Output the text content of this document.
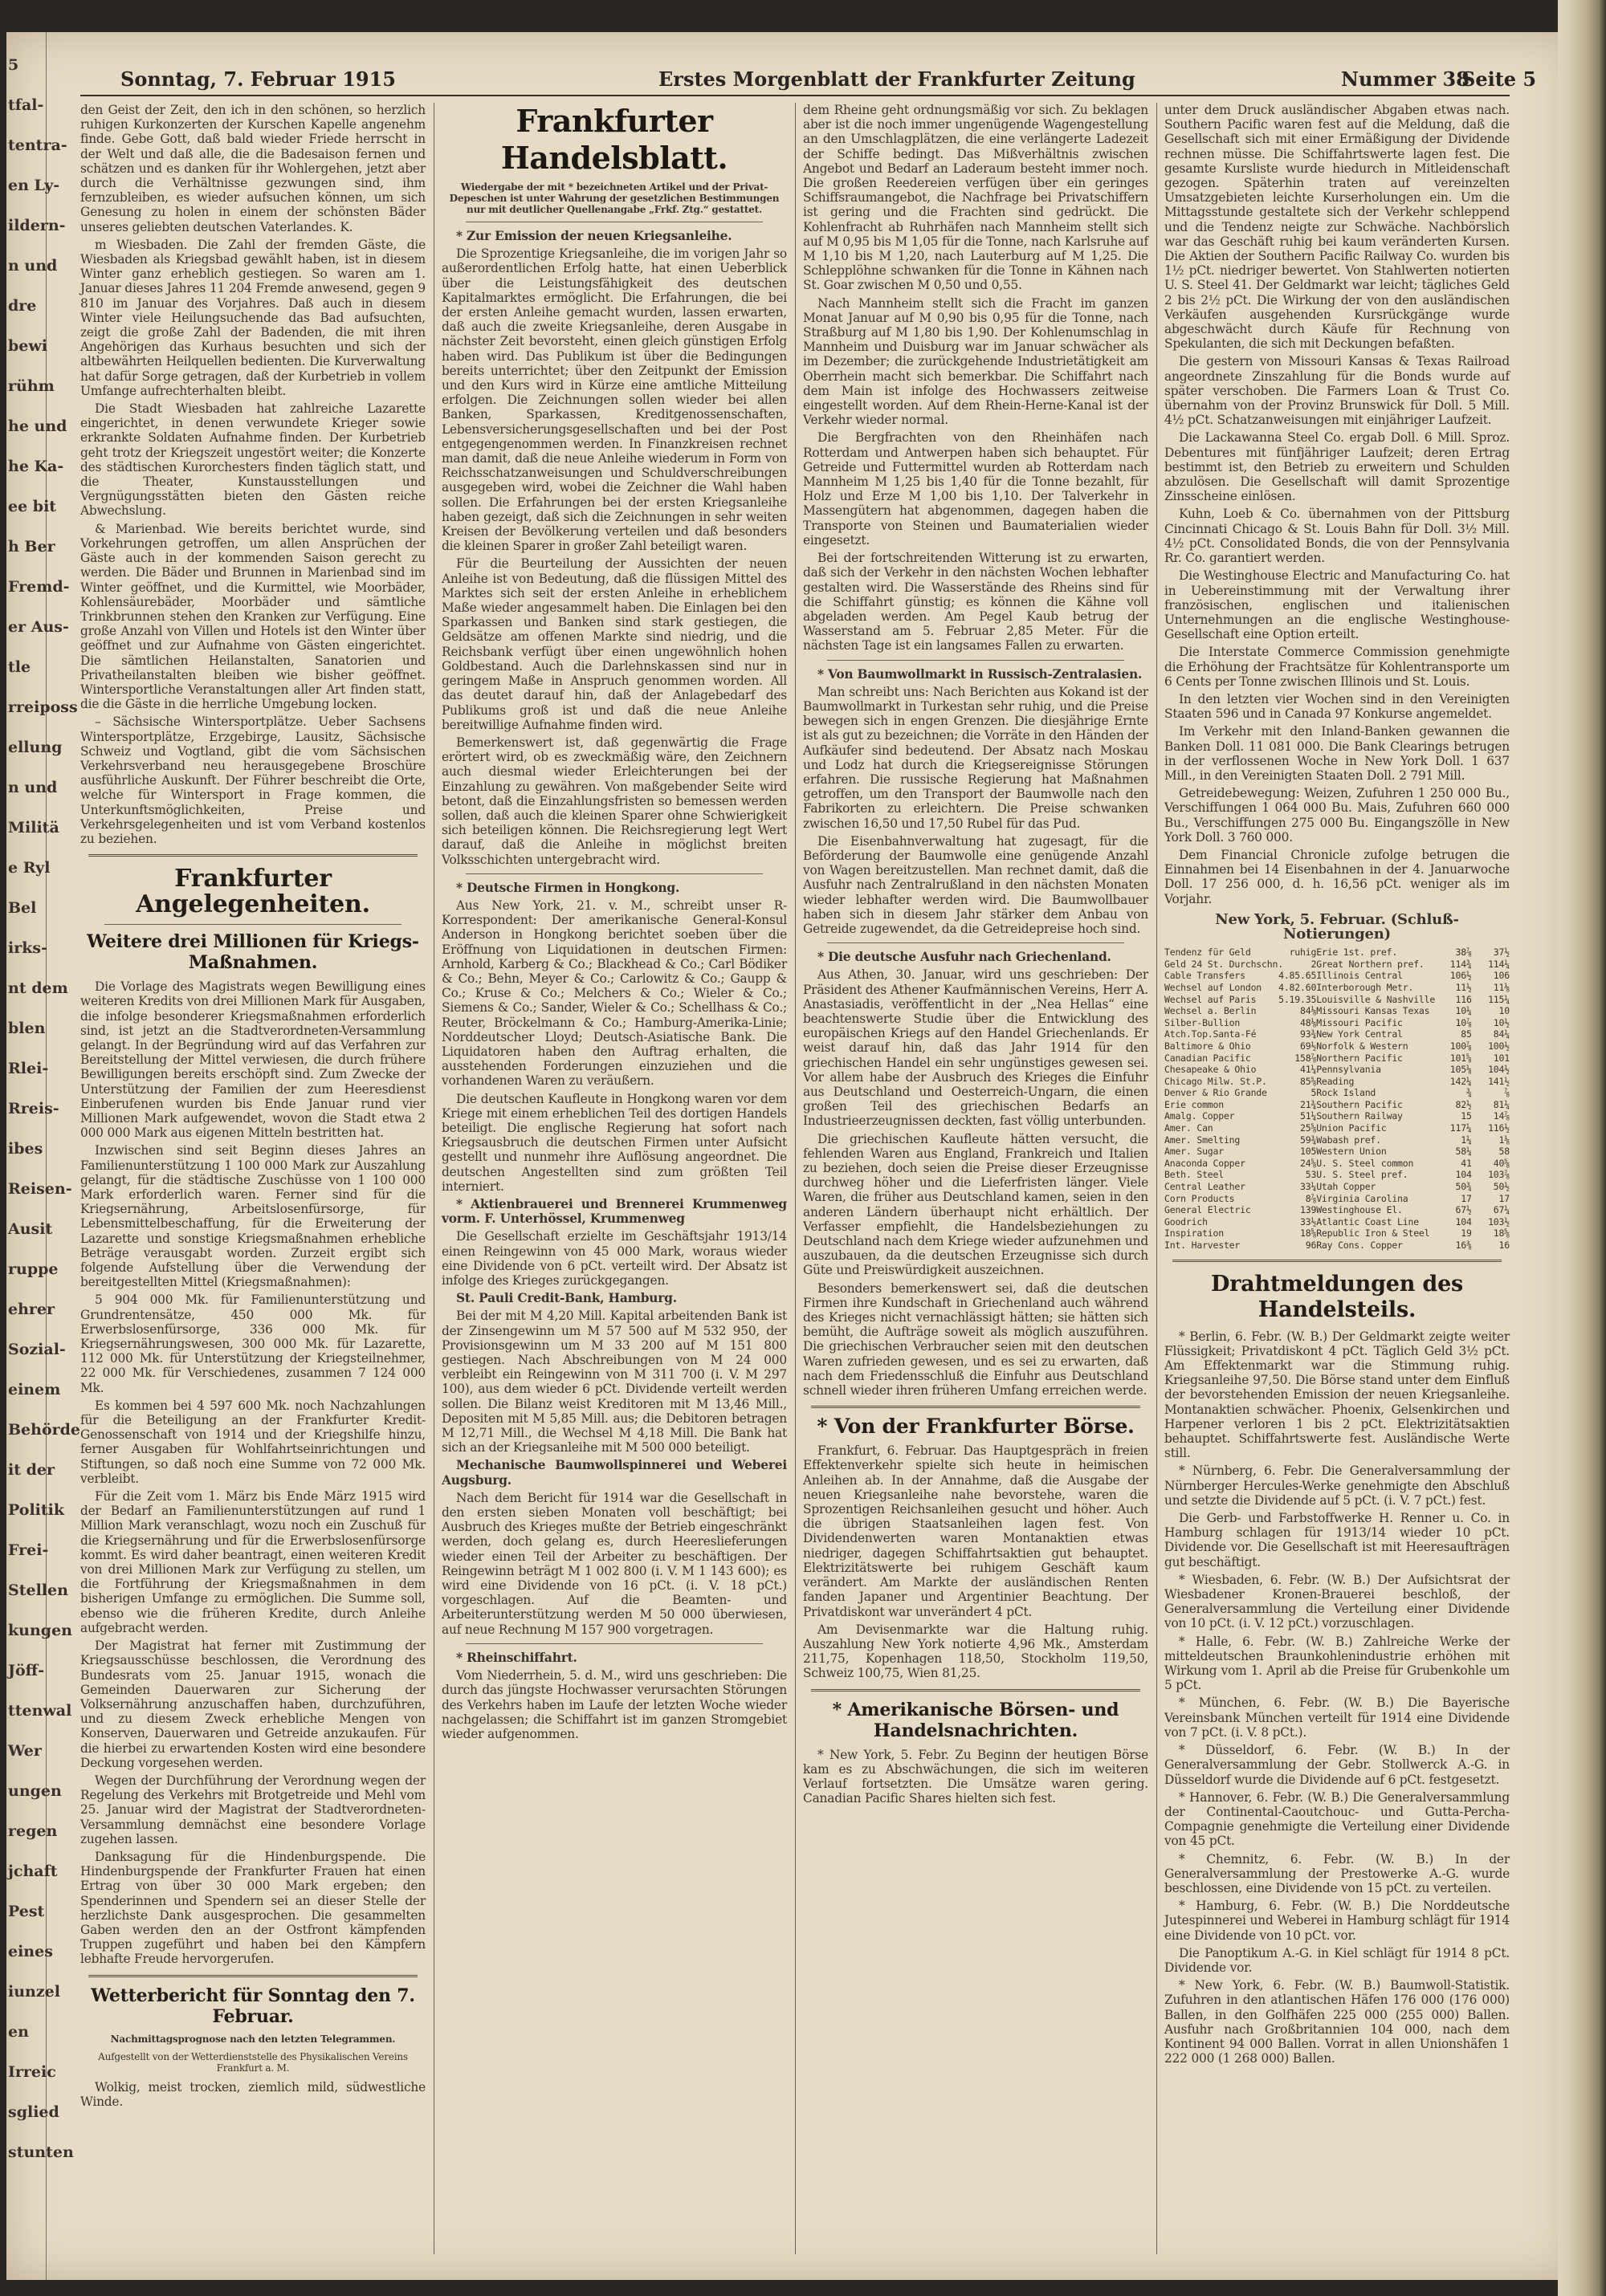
5
tfal-
tentra-
en Ly-
ildern-
n und
dre
bewi
rühm
he und
he Ka-
ee bit
h Ber
Fremd-
er Aus-
tle
rreiposs
ellung
n und
Militä
e Ryl
Bel
irks-
nt dem
blen
Rlei-
Rreis-
ibes
Reisen-
Ausit
ruppe
ehrer
Sozial-
einem
Behörde
it der
Politik
Frei-
Stellen
kungen
Jöff-
ttenwal
Wer
ungen
regen
jchaft
Pest
eines
iunzel
en
Irreic
sglied
stunten
Sonntag, 7. Februar 1915	Erstes Morgenblatt der Frankfurter Zeitung	Nummer 38
Seite 5

den Geist der Zeit, den ich in den schönen, so herzlich ruhigen Kurkonzerten der Kurschen Kapelle angenehm finde. Gebe Gott, daß bald wieder Friede herrscht in der Welt und daß alle, die die Badesaison fernen und schätzen und es danken für ihr Wohlergehen, jetzt aber durch die Verhältnisse gezwungen sind, ihm fernzubleiben, es wieder aufsuchen können, um sich Genesung zu holen in einem der schönsten Bäder unseres geliebten deutschen Vaterlandes. K.

m Wiesbaden. Die Zahl der fremden Gäste, die Wiesbaden als Kriegsbad gewählt haben, ist in diesem Winter ganz erheblich gestiegen. So waren am 1. Januar dieses Jahres 11 204 Fremde anwesend, gegen 9 810 im Januar des Vorjahres. Daß auch in diesem Winter viele Heilungsuchende das Bad aufsuchten, zeigt die große Zahl der Badenden, die mit ihren Angehörigen das Kurhaus besuchten und sich der altbewährten Heilquellen bedienten. Die Kurverwaltung hat dafür Sorge getragen, daß der Kurbetrieb in vollem Umfange aufrechterhalten bleibt.

Die Stadt Wiesbaden hat zahlreiche Lazarette eingerichtet, in denen verwundete Krieger sowie erkrankte Soldaten Aufnahme finden. Der Kurbetrieb geht trotz der Kriegszeit ungestört weiter; die Konzerte des städtischen Kurorchesters finden täglich statt, und die Theater, Kunstausstellungen und Vergnügungsstätten bieten den Gästen reiche Abwechslung.

& Marienbad. Wie bereits berichtet wurde, sind Vorkehrungen getroffen, um allen Ansprüchen der Gäste auch in der kommenden Saison gerecht zu werden. Die Bäder und Brunnen in Marienbad sind im Winter geöffnet, und die Kurmittel, wie Moorbäder, Kohlensäurebäder, Moorbäder und sämtliche Trinkbrunnen stehen den Kranken zur Verfügung. Eine große Anzahl von Villen und Hotels ist den Winter über geöffnet und zur Aufnahme von Gästen eingerichtet. Die sämtlichen Heilanstalten, Sanatorien und Privatheilanstalten bleiben wie bisher geöffnet. Wintersportliche Veranstaltungen aller Art finden statt, die die Gäste in die herrliche Umgebung locken.

– Sächsische Wintersportplätze. Ueber Sachsens Wintersportplätze, Erzgebirge, Lausitz, Sächsische Schweiz und Vogtland, gibt die vom Sächsischen Verkehrsverband neu herausgegebene Broschüre ausführliche Auskunft. Der Führer beschreibt die Orte, welche für Wintersport in Frage kommen, die Unterkunftsmöglichkeiten, Preise und Verkehrsgelegenheiten und ist vom Verband kostenlos zu beziehen.

Frankfurter Angelegenheiten.
Weitere drei Millionen für Kriegs-Maßnahmen.

Die Vorlage des Magistrats wegen Bewilligung eines weiteren Kredits von drei Millionen Mark für Ausgaben, die infolge besonderer Kriegsmaßnahmen erforderlich sind, ist jetzt an die Stadtverordneten-Versammlung gelangt. In der Begründung wird auf das Verfahren zur Bereitstellung der Mittel verwiesen, die durch frühere Bewilligungen bereits erschöpft sind. Zum Zwecke der Unterstützung der Familien der zum Heeresdienst Einberufenen wurden bis Ende Januar rund vier Millionen Mark aufgewendet, wovon die Stadt etwa 2 000 000 Mark aus eigenen Mitteln bestritten hat.

Inzwischen sind seit Beginn dieses Jahres an Familienunterstützung 1 100 000 Mark zur Auszahlung gelangt, für die städtische Zuschüsse von 1 100 000 Mark erforderlich waren. Ferner sind für die Kriegsernährung, Arbeitslosenfürsorge, für Lebensmittelbeschaffung, für die Erweiterung der Lazarette und sonstige Kriegsmaßnahmen erhebliche Beträge verausgabt worden. Zurzeit ergibt sich folgende Aufstellung über die Verwendung der bereitgestellten Mittel (Kriegsmaßnahmen):

5 904 000 Mk. für Familienunterstützung und Grundrentensätze, 450 000 Mk. für Erwerbslosenfürsorge, 336 000 Mk. für Kriegsernährungswesen, 300 000 Mk. für Lazarette, 112 000 Mk. für Unterstützung der Kriegsteilnehmer, 22 000 Mk. für Verschiedenes, zusammen 7 124 000 Mk.

Es kommen bei 4 597 600 Mk. noch Nachzahlungen für die Beteiligung an der Frankfurter Kredit-Genossenschaft von 1914 und der Kriegshilfe hinzu, ferner Ausgaben für Wohlfahrtseinrichtungen und Stiftungen, so daß noch eine Summe von 72 000 Mk. verbleibt.

Für die Zeit vom 1. März bis Ende März 1915 wird der Bedarf an Familienunterstützungen auf rund 1 Million Mark veranschlagt, wozu noch ein Zuschuß für die Kriegsernährung und für die Erwerbslosenfürsorge kommt. Es wird daher beantragt, einen weiteren Kredit von drei Millionen Mark zur Verfügung zu stellen, um die Fortführung der Kriegsmaßnahmen in dem bisherigen Umfange zu ermöglichen. Die Summe soll, ebenso wie die früheren Kredite, durch Anleihe aufgebracht werden.

Der Magistrat hat ferner mit Zustimmung der Kriegsausschüsse beschlossen, die Verordnung des Bundesrats vom 25. Januar 1915, wonach die Gemeinden Dauerwaren zur Sicherung der Volksernährung anzuschaffen haben, durchzuführen, und zu diesem Zweck erhebliche Mengen von Konserven, Dauerwaren und Getreide anzukaufen. Für die hierbei zu erwartenden Kosten wird eine besondere Deckung vorgesehen werden.

Wegen der Durchführung der Verordnung wegen der Regelung des Verkehrs mit Brotgetreide und Mehl vom 25. Januar wird der Magistrat der Stadtverordneten-Versammlung demnächst eine besondere Vorlage zugehen lassen.

Danksagung für die Hindenburgspende. Die Hindenburgspende der Frankfurter Frauen hat einen Ertrag von über 30 000 Mark ergeben; den Spenderinnen und Spendern sei an dieser Stelle der herzlichste Dank ausgesprochen. Die gesammelten Gaben werden den an der Ostfront kämpfenden Truppen zugeführt und haben bei den Kämpfern lebhafte Freude hervorgerufen.

Wetterbericht für Sonntag den 7. Februar.
Nachmittagsprognose nach den letzten Telegrammen.
Aufgestellt von der Wetterdienststelle des Physikalischen Vereins Frankfurt a. M.

Wolkig, meist trocken, ziemlich mild, südwestliche Winde.

Frankfurter Handelsblatt.
Wiedergabe der mit * bezeichneten Artikel und der Privat-Depeschen ist unter Wahrung der gesetzlichen Bestimmungen nur mit deutlicher Quellenangabe „Frkf. Ztg.“ gestattet.

* Zur Emission der neuen Kriegsanleihe.

Die Sprozentige Kriegsanleihe, die im vorigen Jahr so außerordentlichen Erfolg hatte, hat einen Ueberblick über die Leistungsfähigkeit des deutschen Kapitalmarktes ermöglicht. Die Erfahrungen, die bei der ersten Anleihe gemacht wurden, lassen erwarten, daß auch die zweite Kriegsanleihe, deren Ausgabe in nächster Zeit bevorsteht, einen gleich günstigen Erfolg haben wird. Das Publikum ist über die Bedingungen bereits unterrichtet; über den Zeitpunkt der Emission und den Kurs wird in Kürze eine amtliche Mitteilung erfolgen. Die Zeichnungen sollen wieder bei allen Banken, Sparkassen, Kreditgenossenschaften, Lebensversicherungsgesellschaften und bei der Post entgegengenommen werden. In Finanzkreisen rechnet man damit, daß die neue Anleihe wiederum in Form von Reichsschatzanweisungen und Schuldverschreibungen ausgegeben wird, wobei die Zeichner die Wahl haben sollen. Die Erfahrungen bei der ersten Kriegsanleihe haben gezeigt, daß sich die Zeichnungen in sehr weiten Kreisen der Bevölkerung verteilen und daß besonders die kleinen Sparer in großer Zahl beteiligt waren.

Für die Beurteilung der Aussichten der neuen Anleihe ist von Bedeutung, daß die flüssigen Mittel des Marktes sich seit der ersten Anleihe in erheblichem Maße wieder angesammelt haben. Die Einlagen bei den Sparkassen und Banken sind stark gestiegen, die Geldsätze am offenen Markte sind niedrig, und die Reichsbank verfügt über einen ungewöhnlich hohen Goldbestand. Auch die Darlehnskassen sind nur in geringem Maße in Anspruch genommen worden. All das deutet darauf hin, daß der Anlagebedarf des Publikums groß ist und daß die neue Anleihe bereitwillige Aufnahme finden wird.

Bemerkenswert ist, daß gegenwärtig die Frage erörtert wird, ob es zweckmäßig wäre, den Zeichnern auch diesmal wieder Erleichterungen bei der Einzahlung zu gewähren. Von maßgebender Seite wird betont, daß die Einzahlungsfristen so bemessen werden sollen, daß auch die kleinen Sparer ohne Schwierigkeit sich beteiligen können. Die Reichsregierung legt Wert darauf, daß die Anleihe in möglichst breiten Volksschichten untergebracht wird.

* Deutsche Firmen in Hongkong.

Aus New York, 21. v. M., schreibt unser R-Korrespondent: Der amerikanische General-Konsul Anderson in Hongkong berichtet soeben über die Eröffnung von Liquidationen in deutschen Firmen: Arnhold, Karberg & Co.; Blackhead & Co.; Carl Bödiker & Co.; Behn, Meyer & Co.; Carlowitz & Co.; Gaupp & Co.; Kruse & Co.; Melchers & Co.; Wieler & Co.; Siemens & Co.; Sander, Wieler & Co.; Schellhass & Co.; Reuter, Bröckelmann & Co.; Hamburg-Amerika-Linie; Norddeutscher Lloyd; Deutsch-Asiatische Bank. Die Liquidatoren haben den Auftrag erhalten, die ausstehenden Forderungen einzuziehen und die vorhandenen Waren zu veräußern.

Die deutschen Kaufleute in Hongkong waren vor dem Kriege mit einem erheblichen Teil des dortigen Handels beteiligt. Die englische Regierung hat sofort nach Kriegsausbruch die deutschen Firmen unter Aufsicht gestellt und nunmehr ihre Auflösung angeordnet. Die deutschen Angestellten sind zum größten Teil interniert.

* Aktienbrauerei und Brennerei Krummenweg vorm. F. Unterhössel, Krummenweg

Die Gesellschaft erzielte im Geschäftsjahr 1913/14 einen Reingewinn von 45 000 Mark, woraus wieder eine Dividende von 6 pCt. verteilt wird. Der Absatz ist infolge des Krieges zurückgegangen.

St. Pauli Credit-Bank, Hamburg.

Bei der mit M 4,20 Mill. Kapital arbeitenden Bank ist der Zinsengewinn um M 57 500 auf M 532 950, der Provisionsgewinn um M 33 200 auf M 151 800 gestiegen. Nach Abschreibungen von M 24 000 verbleibt ein Reingewinn von M 311 700 (i. V. M 297 100), aus dem wieder 6 pCt. Dividende verteilt werden sollen. Die Bilanz weist Kreditoren mit M 13,46 Mill., Depositen mit M 5,85 Mill. aus; die Debitoren betragen M 12,71 Mill., die Wechsel M 4,18 Mill. Die Bank hat sich an der Kriegsanleihe mit M 500 000 beteiligt.

Mechanische Baumwollspinnerei und Weberei Augsburg.

Nach dem Bericht für 1914 war die Gesellschaft in den ersten sieben Monaten voll beschäftigt; bei Ausbruch des Krieges mußte der Betrieb eingeschränkt werden, doch gelang es, durch Heereslieferungen wieder einen Teil der Arbeiter zu beschäftigen. Der Reingewinn beträgt M 1 002 800 (i. V. M 1 143 600); es wird eine Dividende von 16 pCt. (i. V. 18 pCt.) vorgeschlagen. Auf die Beamten- und Arbeiterunterstützung werden M 50 000 überwiesen, auf neue Rechnung M 157 900 vorgetragen.

* Rheinschiffahrt.

Vom Niederrhein, 5. d. M., wird uns geschrieben: Die durch das jüngste Hochwasser verursachten Störungen des Verkehrs haben im Laufe der letzten Woche wieder nachgelassen; die Schiffahrt ist im ganzen Stromgebiet wieder aufgenommen.

dem Rheine geht ordnungsmäßig vor sich. Zu beklagen aber ist die noch immer ungenügende Wagengestellung an den Umschlagplätzen, die eine verlängerte Ladezeit der Schiffe bedingt. Das Mißverhältnis zwischen Angebot und Bedarf an Laderaum besteht immer noch. Die großen Reedereien verfügen über ein geringes Schiffsraumangebot, die Nachfrage bei Privatschiffern ist gering und die Frachten sind gedrückt. Die Kohlenfracht ab Ruhrhäfen nach Mannheim stellt sich auf M 0,95 bis M 1,05 für die Tonne, nach Karlsruhe auf M 1,10 bis M 1,20, nach Lauterburg auf M 1,25. Die Schlepplöhne schwanken für die Tonne in Kähnen nach St. Goar zwischen M 0,50 und 0,55.

Nach Mannheim stellt sich die Fracht im ganzen Monat Januar auf M 0,90 bis 0,95 für die Tonne, nach Straßburg auf M 1,80 bis 1,90. Der Kohlenumschlag in Mannheim und Duisburg war im Januar schwächer als im Dezember; die zurückgehende Industrietätigkeit am Oberrhein macht sich bemerkbar. Die Schiffahrt nach dem Main ist infolge des Hochwassers zeitweise eingestellt worden. Auf dem Rhein-Herne-Kanal ist der Verkehr wieder normal.

Die Bergfrachten von den Rheinhäfen nach Rotterdam und Antwerpen haben sich behauptet. Für Getreide und Futtermittel wurden ab Rotterdam nach Mannheim M 1,25 bis 1,40 für die Tonne bezahlt, für Holz und Erze M 1,00 bis 1,10. Der Talverkehr in Massengütern hat abgenommen, dagegen haben die Transporte von Steinen und Baumaterialien wieder eingesetzt.

Bei der fortschreitenden Witterung ist zu erwarten, daß sich der Verkehr in den nächsten Wochen lebhafter gestalten wird. Die Wasserstände des Rheins sind für die Schiffahrt günstig; es können die Kähne voll abgeladen werden. Am Pegel Kaub betrug der Wasserstand am 5. Februar 2,85 Meter. Für die nächsten Tage ist ein langsames Fallen zu erwarten.

* Von Baumwollmarkt in Russisch-Zentralasien.

Man schreibt uns: Nach Berichten aus Kokand ist der Baumwollmarkt in Turkestan sehr ruhig, und die Preise bewegen sich in engen Grenzen. Die diesjährige Ernte ist als gut zu bezeichnen; die Vorräte in den Händen der Aufkäufer sind bedeutend. Der Absatz nach Moskau und Lodz hat durch die Kriegsereignisse Störungen erfahren. Die russische Regierung hat Maßnahmen getroffen, um den Transport der Baumwolle nach den Fabrikorten zu erleichtern. Die Preise schwanken zwischen 16,50 und 17,50 Rubel für das Pud.

Die Eisenbahnverwaltung hat zugesagt, für die Beförderung der Baumwolle eine genügende Anzahl von Wagen bereitzustellen. Man rechnet damit, daß die Ausfuhr nach Zentralrußland in den nächsten Monaten wieder lebhafter werden wird. Die Baumwollbauer haben sich in diesem Jahr stärker dem Anbau von Getreide zugewendet, da die Getreidepreise hoch sind.

* Die deutsche Ausfuhr nach Griechenland.

Aus Athen, 30. Januar, wird uns geschrieben: Der Präsident des Athener Kaufmännischen Vereins, Herr A. Anastasiadis, veröffentlicht in der „Nea Hellas“ eine beachtenswerte Studie über die Entwicklung des europäischen Kriegs auf den Handel Griechenlands. Er weist darauf hin, daß das Jahr 1914 für den griechischen Handel ein sehr ungünstiges gewesen sei. Vor allem habe der Ausbruch des Krieges die Einfuhr aus Deutschland und Oesterreich-Ungarn, die einen großen Teil des griechischen Bedarfs an Industrieerzeugnissen deckten, fast völlig unterbunden.

Die griechischen Kaufleute hätten versucht, die fehlenden Waren aus England, Frankreich und Italien zu beziehen, doch seien die Preise dieser Erzeugnisse durchweg höher und die Lieferfristen länger. Viele Waren, die früher aus Deutschland kamen, seien in den anderen Ländern überhaupt nicht erhältlich. Der Verfasser empfiehlt, die Handelsbeziehungen zu Deutschland nach dem Kriege wieder aufzunehmen und auszubauen, da die deutschen Erzeugnisse sich durch Güte und Preiswürdigkeit auszeichnen.

Besonders bemerkenswert sei, daß die deutschen Firmen ihre Kundschaft in Griechenland auch während des Krieges nicht vernachlässigt hätten; sie hätten sich bemüht, die Aufträge soweit als möglich auszuführen. Die griechischen Verbraucher seien mit den deutschen Waren zufrieden gewesen, und es sei zu erwarten, daß nach dem Friedensschluß die Einfuhr aus Deutschland schnell wieder ihren früheren Umfang erreichen werde.

* Von der Frankfurter Börse.

Frankfurt, 6. Februar. Das Hauptgespräch in freien Effektenverkehr spielte sich heute in heimischen Anleihen ab. In der Annahme, daß die Ausgabe der neuen Kriegsanleihe nahe bevorstehe, waren die Sprozentigen Reichsanleihen gesucht und höher. Auch die übrigen Staatsanleihen lagen fest. Von Dividendenwerten waren Montanaktien etwas niedriger, dagegen Schiffahrtsaktien gut behauptet. Elektrizitätswerte bei ruhigem Geschäft kaum verändert. Am Markte der ausländischen Renten fanden Japaner und Argentinier Beachtung. Der Privatdiskont war unverändert 4 pCt.

Am Devisenmarkte war die Haltung ruhig. Auszahlung New York notierte 4,96 Mk., Amsterdam 211,75, Kopenhagen 118,50, Stockholm 119,50, Schweiz 100,75, Wien 81,25.

* Amerikanische Börsen- und Handelsnachrichten.

* New York, 5. Febr. Zu Beginn der heutigen Börse kam es zu Abschwächungen, die sich im weiteren Verlauf fortsetzten. Die Umsätze waren gering. Canadian Pacific Shares hielten sich fest.

unter dem Druck ausländischer Abgaben etwas nach. Southern Pacific waren fest auf die Meldung, daß die Gesellschaft sich mit einer Ermäßigung der Dividende rechnen müsse. Die Schiffahrtswerte lagen fest. Die gesamte Kursliste wurde hiedurch in Mitleidenschaft gezogen. Späterhin traten auf vereinzelten Umsatzgebieten leichte Kurserholungen ein. Um die Mittagsstunde gestaltete sich der Verkehr schleppend und die Tendenz neigte zur Schwäche. Nachbörslich war das Geschäft ruhig bei kaum veränderten Kursen. Die Aktien der Southern Pacific Railway Co. wurden bis 1½ pCt. niedriger bewertet. Von Stahlwerten notierten U. S. Steel 41. Der Geldmarkt war leicht; tägliches Geld 2 bis 2½ pCt. Die Wirkung der von den ausländischen Verkäufen ausgehenden Kursrückgänge wurde abgeschwächt durch Käufe für Rechnung von Spekulanten, die sich mit Deckungen befaßten.

Die gestern von Missouri Kansas & Texas Railroad angeordnete Zinszahlung für die Bonds wurde auf später verschoben. Die Farmers Loan & Trust Co. übernahm von der Provinz Brunswick für Doll. 5 Mill. 4½ pCt. Schatzanweisungen mit einjähriger Laufzeit.

Die Lackawanna Steel Co. ergab Doll. 6 Mill. Sproz. Debentures mit fünfjähriger Laufzeit; deren Ertrag bestimmt ist, den Betrieb zu erweitern und Schulden abzulösen. Die Gesellschaft will damit Sprozentige Zinsscheine einlösen.

Kuhn, Loeb & Co. übernahmen von der Pittsburg Cincinnati Chicago & St. Louis Bahn für Doll. 3½ Mill. 4½ pCt. Consolidated Bonds, die von der Pennsylvania Rr. Co. garantiert werden.

Die Westinghouse Electric and Manufacturing Co. hat in Uebereinstimmung mit der Verwaltung ihrer französischen, englischen und italienischen Unternehmungen an die englische Westinghouse-Gesellschaft eine Option erteilt.

Die Interstate Commerce Commission genehmigte die Erhöhung der Frachtsätze für Kohlentransporte um 6 Cents per Tonne zwischen Illinois und St. Louis.

In den letzten vier Wochen sind in den Vereinigten Staaten 596 und in Canada 97 Konkurse angemeldet.

Im Verkehr mit den Inland-Banken gewannen die Banken Doll. 11 081 000. Die Bank Clearings betrugen in der verflossenen Woche in New York Doll. 1 637 Mill., in den Vereinigten Staaten Doll. 2 791 Mill.

Getreidebewegung: Weizen, Zufuhren 1 250 000 Bu., Verschiffungen 1 064 000 Bu. Mais, Zufuhren 660 000 Bu., Verschiffungen 275 000 Bu. Eingangszölle in New York Doll. 3 760 000.

Dem Financial Chronicle zufolge betrugen die Einnahmen bei 14 Eisenbahnen in der 4. Januarwoche Doll. 17 256 000, d. h. 16,56 pCt. weniger als im Vorjahr.

New York, 5. Februar. (Schluß-Notierungen)
Tendenz für Geld	ruhig Erie 1st. pref.	38⅞	37½
Geld 24 St. Durchschn.	2 Great Northern pref.	114¾	114¼
Cable Transfers	4.85.65 Illinois Central	106½	106
Wechsel auf London	4.82.60 Interborough Metr.	11½	11⅛
Wechsel auf Paris	5.19.35 Louisville & Nashville	116	115¼
Wechsel a. Berlin	84⅛ Missouri Kansas Texas	10¼	10
Silber-Bullion	48⅛ Missouri Pacific	10⅞	10½
Atch.Top.Santa-Fé	93¾ New York Central	85	84¼
Baltimore & Ohio	69½ Norfolk & Western	100⅞	100½
Canadian Pacific	158⅞ Northern Pacific	101⅝	101
Chesapeake & Ohio	41¼ Pennsylvania	105⅛	104½
Chicago Milw. St.P.	85⅝ Reading	142¼	141½
Denver & Rio Grande	5 Rock Island	¾	⅞
Erie common	21¾ Southern Pacific	82½	81¼
Amalg. Copper	51¼ Southern Railway	15	14⅞
Amer. Can	25⅝ Union Pacific	117¼	116½
Amer. Smelting	59¾ Wabash pref.	1¼	1⅛
Amer. Sugar	105 Western Union	58¼	58
Anaconda Copper	24⅝ U. S. Steel common	41	40⅝
Beth. Steel	53 U. S. Steel pref.	104	103⅞
Central Leather	33¼ Utah Copper	50¾	50½
Corn Products	8⅞ Virginia Carolina	17	17
General Electric	139 Westinghouse El.	67½	67¼
Goodrich	33½ Atlantic Coast Line	104	103½
Inspiration	18⅝ Republic Iron & Steel	19	18⅝
Int. Harvester	96 Ray Cons. Copper	16⅜	16
Drahtmeldungen des Handelsteils.

* Berlin, 6. Febr. (W. B.) Der Geldmarkt zeigte weiter Flüssigkeit; Privatdiskont 4 pCt. Täglich Geld 3½ pCt. Am Effektenmarkt war die Stimmung ruhig. Kriegsanleihe 97,50. Die Börse stand unter dem Einfluß der bevorstehenden Emission der neuen Kriegsanleihe. Montanaktien schwächer. Phoenix, Gelsenkirchen und Harpener verloren 1 bis 2 pCt. Elektrizitätsaktien behauptet. Schiffahrtswerte fest. Ausländische Werte still.

* Nürnberg, 6. Febr. Die Generalversammlung der Nürnberger Hercules-Werke genehmigte den Abschluß und setzte die Dividende auf 5 pCt. (i. V. 7 pCt.) fest.

Die Gerb- und Farbstoffwerke H. Renner u. Co. in Hamburg schlagen für 1913/14 wieder 10 pCt. Dividende vor. Die Gesellschaft ist mit Heeresaufträgen gut beschäftigt.

* Wiesbaden, 6. Febr. (W. B.) Der Aufsichtsrat der Wiesbadener Kronen-Brauerei beschloß, der Generalversammlung die Verteilung einer Dividende von 10 pCt. (i. V. 12 pCt.) vorzuschlagen.

* Halle, 6. Febr. (W. B.) Zahlreiche Werke der mitteldeutschen Braunkohlenindustrie erhöhen mit Wirkung vom 1. April ab die Preise für Grubenkohle um 5 pCt.

* München, 6. Febr. (W. B.) Die Bayerische Vereinsbank München verteilt für 1914 eine Dividende von 7 pCt. (i. V. 8 pCt.).

* Düsseldorf, 6. Febr. (W. B.) In der Generalversammlung der Gebr. Stollwerck A.-G. in Düsseldorf wurde die Dividende auf 6 pCt. festgesetzt.

* Hannover, 6. Febr. (W. B.) Die Generalversammlung der Continental-Caoutchouc- und Gutta-Percha-Compagnie genehmigte die Verteilung einer Dividende von 45 pCt.

* Chemnitz, 6. Febr. (W. B.) In der Generalversammlung der Prestowerke A.-G. wurde beschlossen, eine Dividende von 15 pCt. zu verteilen.

* Hamburg, 6. Febr. (W. B.) Die Norddeutsche Jutespinnerei und Weberei in Hamburg schlägt für 1914 eine Dividende von 10 pCt. vor.

Die Panoptikum A.-G. in Kiel schlägt für 1914 8 pCt. Dividende vor.

* New York, 6. Febr. (W. B.) Baumwoll-Statistik. Zufuhren in den atlantischen Häfen 176 000 (176 000) Ballen, in den Golfhäfen 225 000 (255 000) Ballen. Ausfuhr nach Großbritannien 104 000, nach dem Kontinent 94 000 Ballen. Vorrat in allen Unionshäfen 1 222 000 (1 268 000) Ballen.
